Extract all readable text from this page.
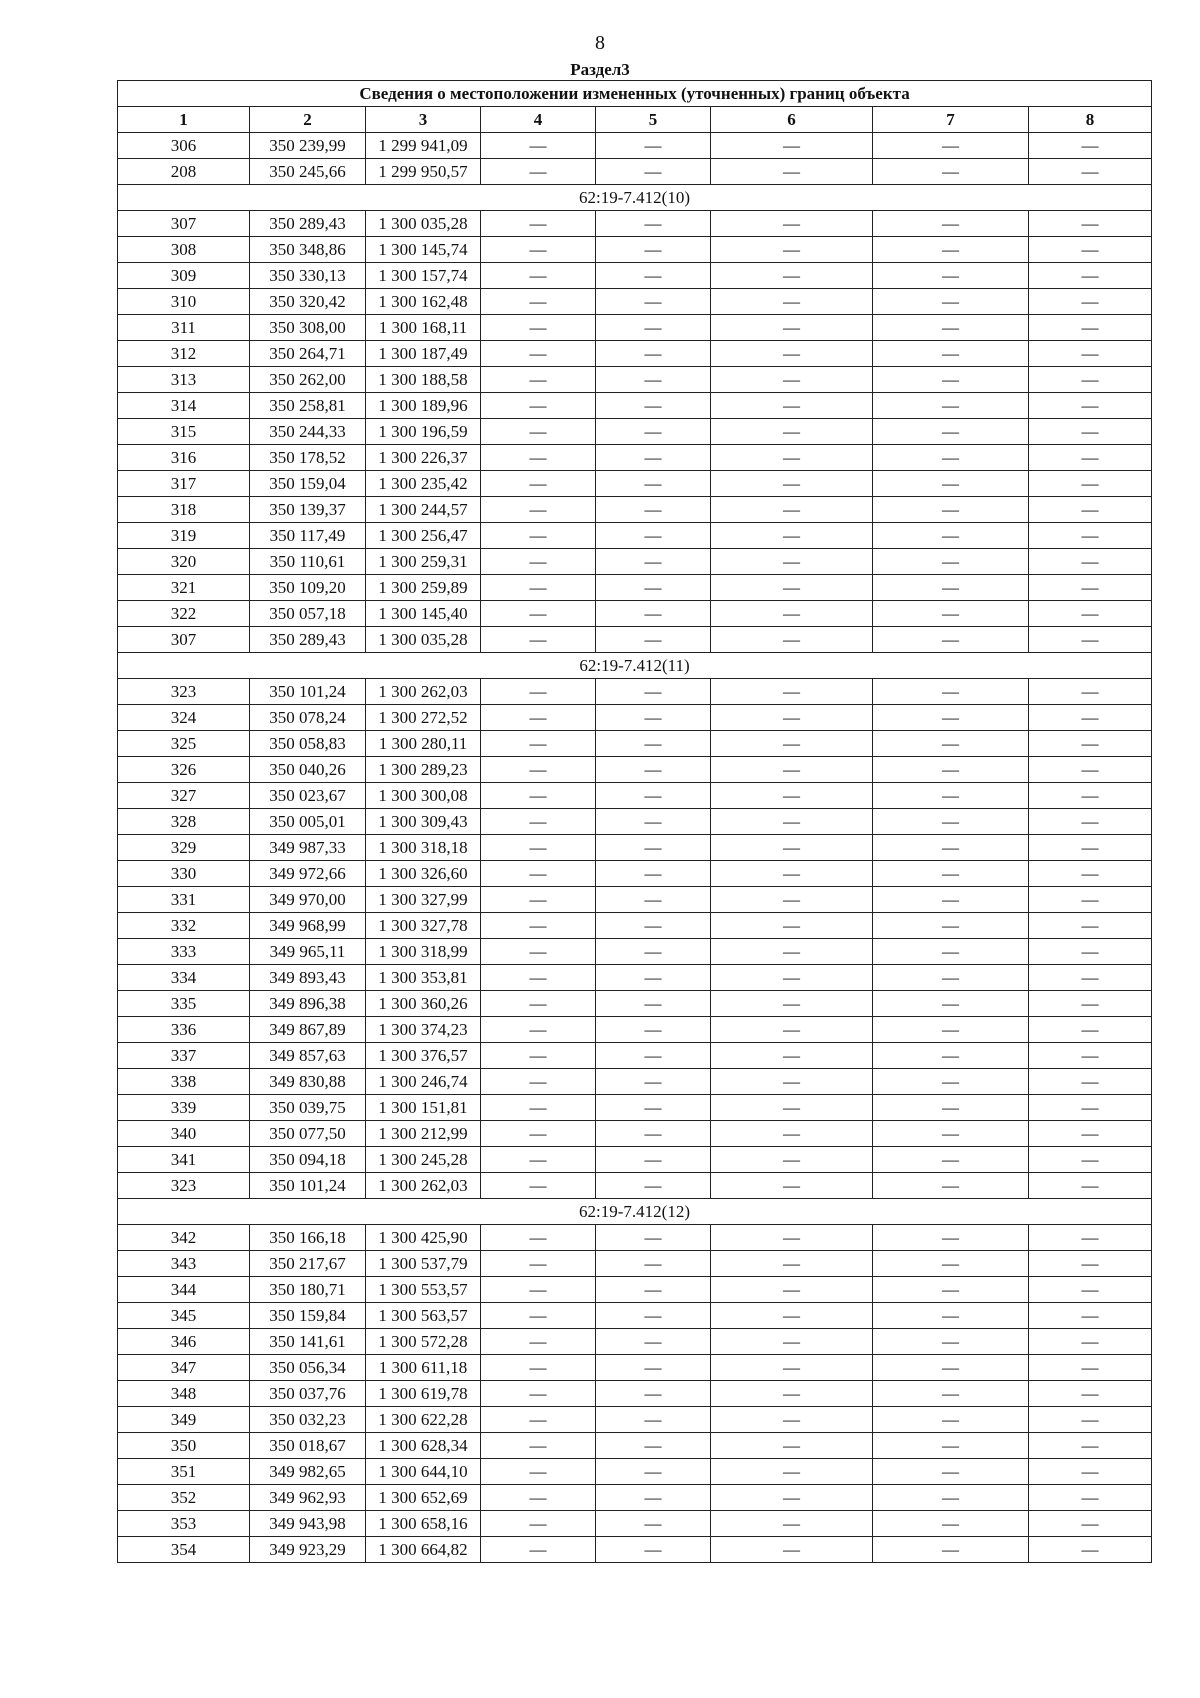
8
Раздел3
Сведения о местоположении измененных (уточненных) границ объекта							
1	2	3	4	5	6	7	8
306	350 239,99	1 299 941,09	—	—	—	—	—
208	350 245,66	1 299 950,57	—	—	—	—	—
62:19-7.412(10)							
307	350 289,43	1 300 035,28	—	—	—	—	—
308	350 348,86	1 300 145,74	—	—	—	—	—
309	350 330,13	1 300 157,74	—	—	—	—	—
310	350 320,42	1 300 162,48	—	—	—	—	—
311	350 308,00	1 300 168,11	—	—	—	—	—
312	350 264,71	1 300 187,49	—	—	—	—	—
313	350 262,00	1 300 188,58	—	—	—	—	—
314	350 258,81	1 300 189,96	—	—	—	—	—
315	350 244,33	1 300 196,59	—	—	—	—	—
316	350 178,52	1 300 226,37	—	—	—	—	—
317	350 159,04	1 300 235,42	—	—	—	—	—
318	350 139,37	1 300 244,57	—	—	—	—	—
319	350 117,49	1 300 256,47	—	—	—	—	—
320	350 110,61	1 300 259,31	—	—	—	—	—
321	350 109,20	1 300 259,89	—	—	—	—	—
322	350 057,18	1 300 145,40	—	—	—	—	—
307	350 289,43	1 300 035,28	—	—	—	—	—
62:19-7.412(11)							
323	350 101,24	1 300 262,03	—	—	—	—	—
324	350 078,24	1 300 272,52	—	—	—	—	—
325	350 058,83	1 300 280,11	—	—	—	—	—
326	350 040,26	1 300 289,23	—	—	—	—	—
327	350 023,67	1 300 300,08	—	—	—	—	—
328	350 005,01	1 300 309,43	—	—	—	—	—
329	349 987,33	1 300 318,18	—	—	—	—	—
330	349 972,66	1 300 326,60	—	—	—	—	—
331	349 970,00	1 300 327,99	—	—	—	—	—
332	349 968,99	1 300 327,78	—	—	—	—	—
333	349 965,11	1 300 318,99	—	—	—	—	—
334	349 893,43	1 300 353,81	—	—	—	—	—
335	349 896,38	1 300 360,26	—	—	—	—	—
336	349 867,89	1 300 374,23	—	—	—	—	—
337	349 857,63	1 300 376,57	—	—	—	—	—
338	349 830,88	1 300 246,74	—	—	—	—	—
339	350 039,75	1 300 151,81	—	—	—	—	—
340	350 077,50	1 300 212,99	—	—	—	—	—
341	350 094,18	1 300 245,28	—	—	—	—	—
323	350 101,24	1 300 262,03	—	—	—	—	—
62:19-7.412(12)							
342	350 166,18	1 300 425,90	—	—	—	—	—
343	350 217,67	1 300 537,79	—	—	—	—	—
344	350 180,71	1 300 553,57	—	—	—	—	—
345	350 159,84	1 300 563,57	—	—	—	—	—
346	350 141,61	1 300 572,28	—	—	—	—	—
347	350 056,34	1 300 611,18	—	—	—	—	—
348	350 037,76	1 300 619,78	—	—	—	—	—
349	350 032,23	1 300 622,28	—	—	—	—	—
350	350 018,67	1 300 628,34	—	—	—	—	—
351	349 982,65	1 300 644,10	—	—	—	—	—
352	349 962,93	1 300 652,69	—	—	—	—	—
353	349 943,98	1 300 658,16	—	—	—	—	—
354	349 923,29	1 300 664,82	—	—	—	—	—
